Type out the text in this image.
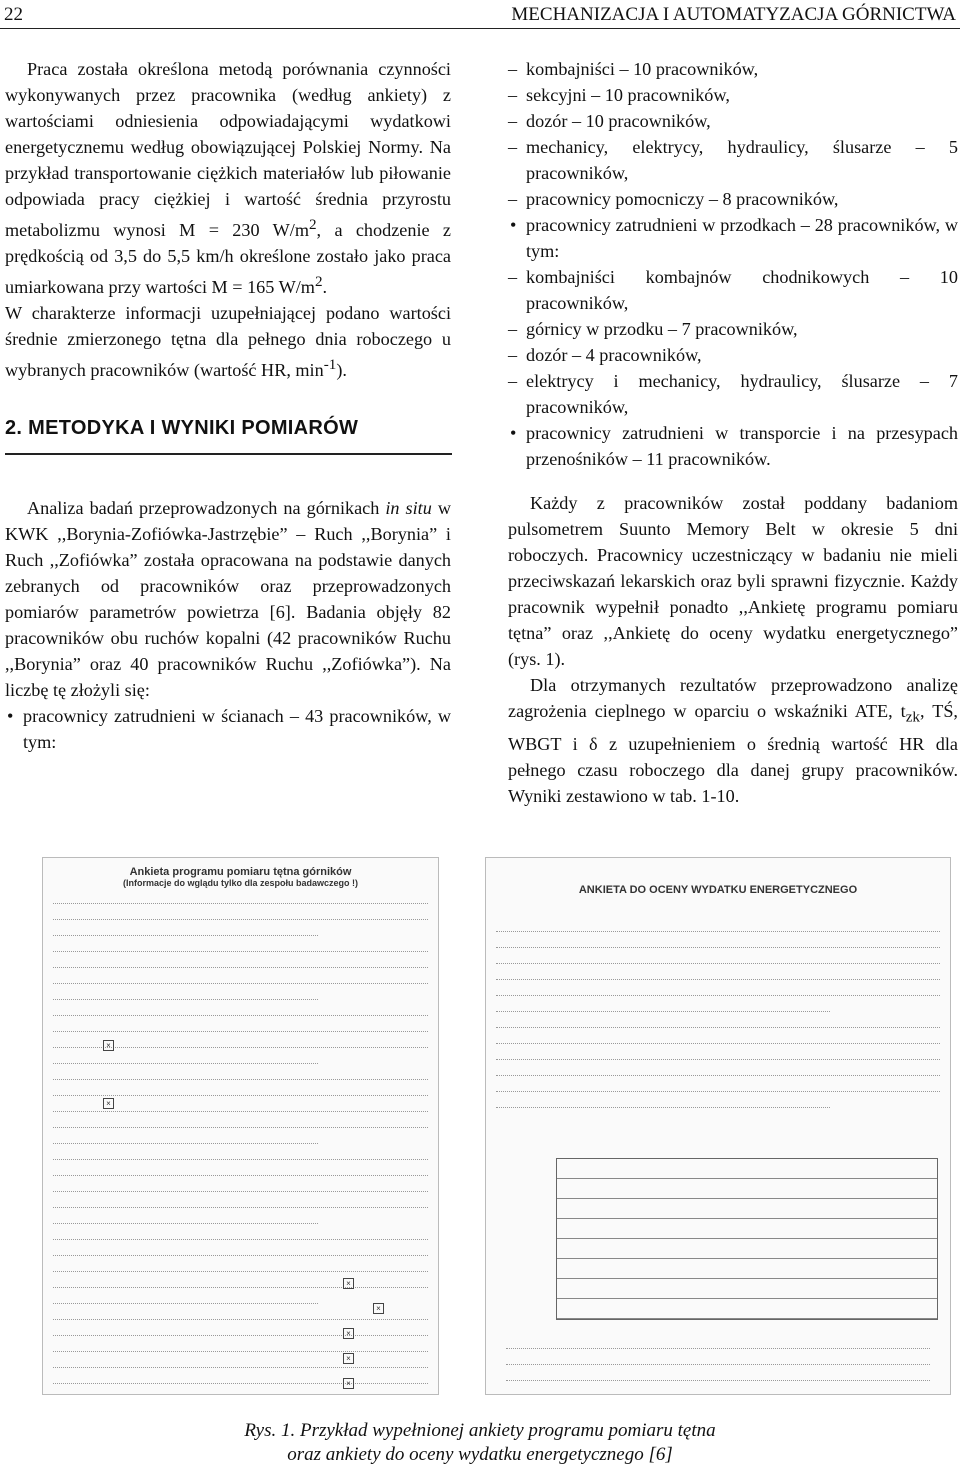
22	MECHANIZACJA I AUTOMATYZACJA GÓRNICTWA

Praca została określona metodą porównania czynności wykonywanych przez pracownika (według ankiety) z wartościami odniesienia odpowiadającymi wydatkowi energetycznemu według obowiązującej Polskiej Normy. Na przykład transportowanie ciężkich materiałów lub piłowanie odpowiada pracy ciężkiej i wartość średnia przyrostu metabolizmu wynosi M = 230 $W/m^2$, a chodzenie z prędkością od 3,5 do 5,5 km/h określone zostało jako praca umiarkowana przy wartości M = 165 $W/m^2$.

W charakterze informacji uzupełniającej podano wartości średnie zmierzonego tętna dla pełnego dnia roboczego u wybranych pracowników (wartość HR, $\min^{-1}$).

2. METODYKA I WYNIKI POMIARÓW

Analiza badań przeprowadzonych na górnikach in situ w KWK ,,Borynia-Zofiówka-Jastrzębie” – Ruch ,,Borynia” i Ruch ,,Zofiówka” została opracowana na podstawie danych zebranych od pracowników oraz przeprowadzonych pomiarów parametrów powietrza [6]. Badania objęły 82 pracowników obu ruchów kopalni (42 pracowników Ruchu ,,Borynia” oraz 40 pracowników Ruchu ,,Zofiówka”). Na liczbę tę złożyli się:

• pracownicy zatrudnieni w ścianach – 43 pracowników, w tym:
– kombajniści – 10 pracowników,
– sekcyjni – 10 pracowników,
– dozór – 10 pracowników,
– mechanicy, elektrycy, hydraulicy, ślusarze – 5 pracowników,
– pracownicy pomocniczy – 8 pracowników,
• pracownicy zatrudnieni w przodkach – 28 pracowników, w tym:
– kombajniści kombajnów chodnikowych – 10 pracowników,
– górnicy w przodku – 7 pracowników,
– dozór – 4 pracowników,
– elektrycy i mechanicy, hydraulicy, ślusarze – 7 pracowników,
• pracownicy zatrudnieni w transporcie i na przesypach przenośników – 11 pracowników.

Każdy z pracowników został poddany badaniom pulsometrem Suunto Memory Belt w okresie 5 dni roboczych. Pracownicy uczestniczący w badaniu nie mieli przeciwskazań lekarskich oraz byli sprawni fizycznie. Każdy pracownik wypełnił ponadto ,,Ankietę programu pomiaru tętna” oraz ,,Ankietę do oceny wydatku energetycznego” (rys. 1).

Dla otrzymanych rezultatów przeprowadzono analizę zagrożenia cieplnego w oparciu o wskaźniki ATE, $t_{zk}$, TŚ, WBGT i δ z uzupełnieniem o średnią wartość HR dla pełnego czasu roboczego dla danej grupy pracowników. Wyniki zestawiono w tab. 1-10.

Ankieta programu pomiaru tętna górników
(Informacje do wglądu tylko dla zespołu badawczego !)
×
×
×
×
×
×
×
ANKIETA DO OCENY WYDATKU ENERGETYCZNEGO
Rys. 1. Przykład wypełnionej ankiety programu pomiaru tętna
oraz ankiety do oceny wydatku energetycznego [6]
